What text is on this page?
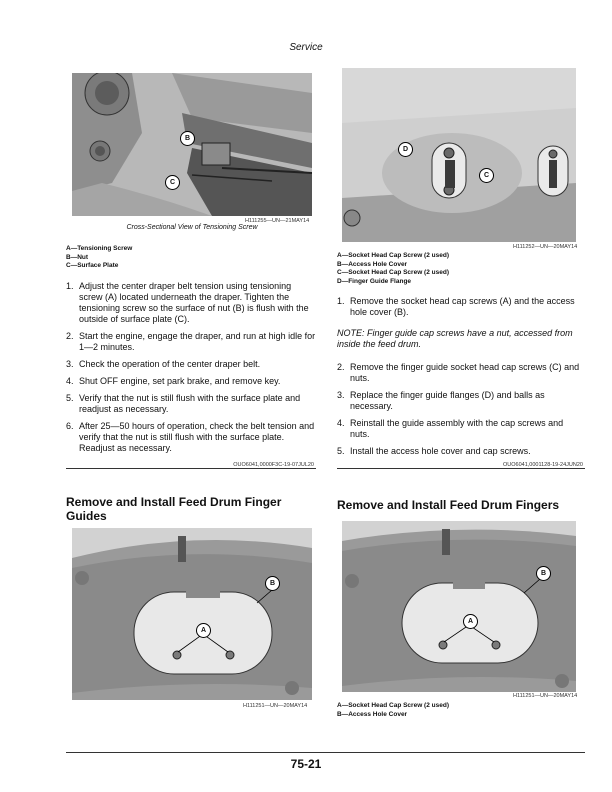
Service
B
C
H111255—UN—21MAY14
Cross-Sectional View of Tensioning Screw
A—Tensioning Screw
B—Nut
C—Surface Plate
1. Adjust the center draper belt tension using tensioning screw (A) located underneath the draper. Tighten the tensioning screw so the surface of nut (B) is flush with the outside of surface plate (C).
2. Start the engine, engage the draper, and run at high idle for 1—2 minutes.
3. Check the operation of the center draper belt.
4. Shut OFF engine, set park brake, and remove key.
5. Verify that the nut is still flush with the surface plate and readjust as necessary.
6. After 25—50 hours of operation, check the belt tension and verify that the nut is still flush with the surface plate. Readjust as necessary.
OUO6041,0000F3C-19-07JUL20
D
C
H111252—UN—20MAY14
A—Socket Head Cap Screw (2 used)
B—Access Hole Cover
C—Socket Head Cap Screw (2 used)
D—Finger Guide Flange
1. Remove the socket head cap screws (A) and the access hole cover (B).
NOTE: Finger guide cap screws have a nut, accessed from inside the feed drum.
2. Remove the finger guide socket head cap screws (C) and nuts.
3. Replace the finger guide flanges (D) and balls as necessary.
4. Reinstall the guide assembly with the cap screws and nuts.
5. Install the access hole cover and cap screws.
OUO6041,0001128-19-24JUN20
Remove and Install Feed Drum Finger Guides
B
A
H111251—UN—20MAY14
Remove and Install Feed Drum Fingers
B
A
H111251—UN—20MAY14
A—Socket Head Cap Screw (2 used)
B—Access Hole Cover
75-21
